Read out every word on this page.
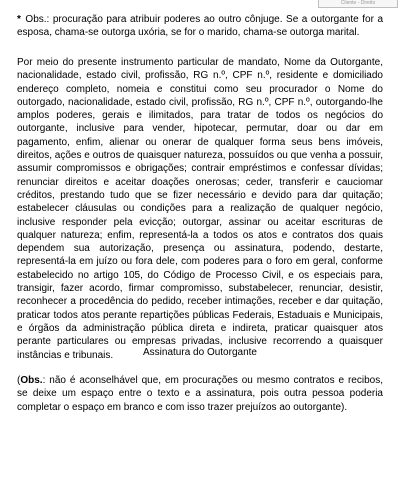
Cliente - Direito
* Obs.: procuração para atribuir poderes ao outro cônjuge. Se a outorgante for a esposa, chama-se outorga uxória, se for o marido, chama-se outorga marital.
Por meio do presente instrumento particular de mandato, Nome da Outorgante, nacionalidade, estado civil, profissão, RG n.º, CPF n.º, residente e domiciliado endereço completo, nomeia e constitui como seu procurador o Nome do outorgado, nacionalidade, estado civil, profissão, RG n.º, CPF n.º, outorgando-lhe amplos poderes, gerais e ilimitados, para tratar de todos os negócios do outorgante, inclusive para vender, hipotecar, permutar, doar ou dar em pagamento, enfim, alienar ou onerar de qualquer forma seus bens imóveis, direitos, ações e outros de quaisquer natureza, possuídos ou que venha a possuir, assumir compromissos e obrigações; contrair empréstimos e confessar dívidas; renunciar direitos e aceitar doações onerosas; ceder, transferir e cauciomar créditos, prestando tudo que se fizer necessário e devido para dar quitação; estabelecer cláusulas ou condições para a realização de qualquer negócio, inclusive responder pela evicção; outorgar, assinar ou aceitar escrituras de qualquer natureza; enfim, representá-la a todos os atos e contratos dos quais dependem sua autorização, presença ou assinatura, podendo, destarte, representá-la em juízo ou fora dele, com poderes para o foro em geral, conforme estabelecido no artigo 105, do Código de Processo Civil, e os especiais para, transigir, fazer acordo, firmar compromisso, substabelecer, renunciar, desistir, reconhecer a procedência do pedido, receber intimações, receber e dar quitação, praticar todos atos perante repartições públicas Federais, Estaduais e Municipais, e órgãos da administração pública direta e indireta, praticar quaisquer atos perante particulares ou empresas privadas, inclusive recorrendo a quaisquer instâncias e tribunais.	Assinatura do Outorgante
(Obs.: não é aconselhável que, em procurações ou mesmo contratos e recibos, se deixe um espaço entre o texto e a assinatura, pois outra pessoa poderia completar o espaço em branco e com isso trazer prejuízos ao outorgante).
